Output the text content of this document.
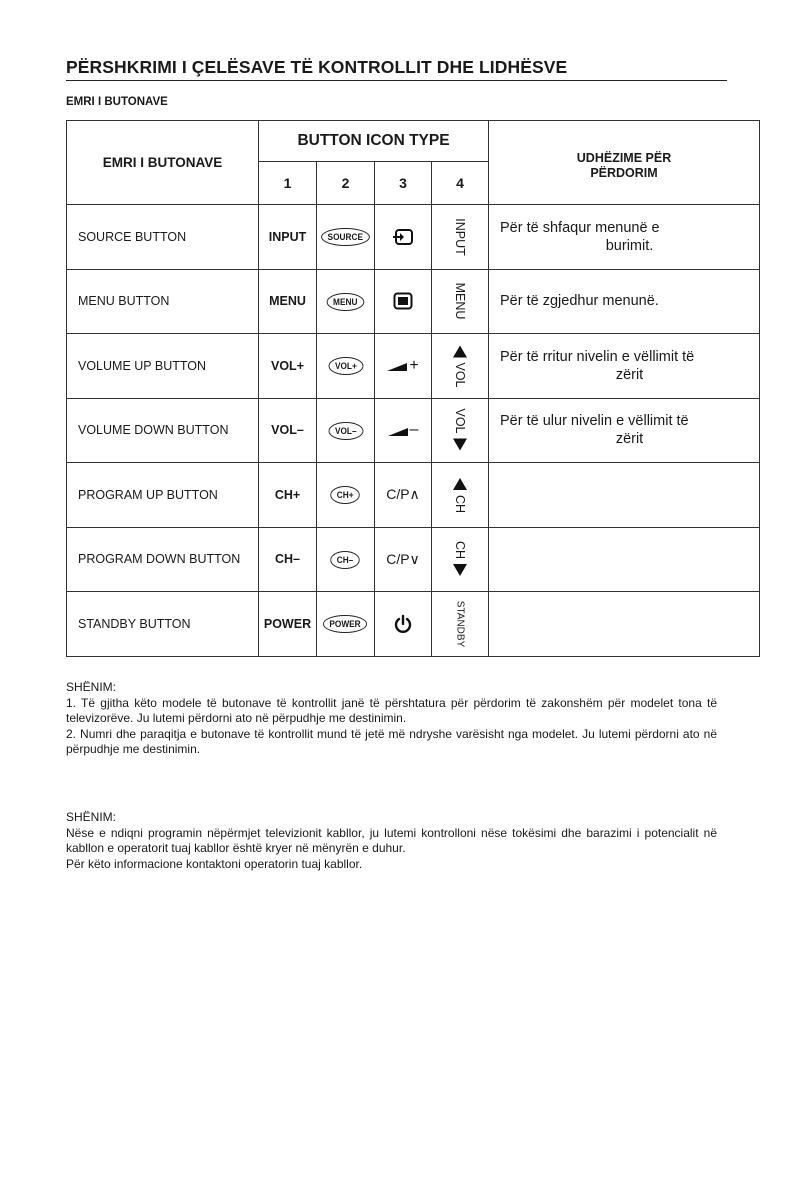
PËRSHKRIMI I ÇELËSAVE TË KONTROLLIT DHE LIDHËSVE
EMRI I BUTONAVE
EMRI I BUTONAVE	BUTTON ICON TYPE				UDHËZIME PËR PËRDORIM

	1	2	3	4	
SOURCE BUTTON	INPUT	SOURCE		INPUT	Për të shfaqur menunë e
burimit.

MENU BUTTON	MENU	MENU		MENU	Për të zgjedhur menunë.
VOLUME UP BUTTON	VOL+	VOL+	+	VOL	Për të rritur nivelin e vëllimit të
zërit

VOLUME DOWN BUTTON	VOL–	VOL–	–	VOL	Për të ulur nivelin e vëllimit të
zërit

PROGRAM UP BUTTON	CH+	CH+	C/P∧	CH	

PROGRAM DOWN BUTTON	CH–	CH–	C/P∨	CH	

STANDBY BUTTON	POWER	POWER		STANDBY	

SHËNIM:

1. Të gjitha këto modele të butonave të kontrollit janë të përshtatura për përdorim të zakonshëm për modelet tona të televizorëve. Ju lutemi përdorni ato në përpudhje me destinimin.

2. Numri dhe paraqitja e butonave të kontrollit mund të jetë më ndryshe varësisht nga modelet. Ju lutemi përdorni ato në përpudhje me destinimin.

SHËNIM:

Nëse e ndiqni programin nëpërmjet televizionit kabllor, ju lutemi kontrolloni nëse tokësimi dhe barazimi i potencialit në kabllon e operatorit tuaj kabllor është kryer në mënyrën e duhur.

Për këto informacione kontaktoni operatorin tuaj kabllor.
